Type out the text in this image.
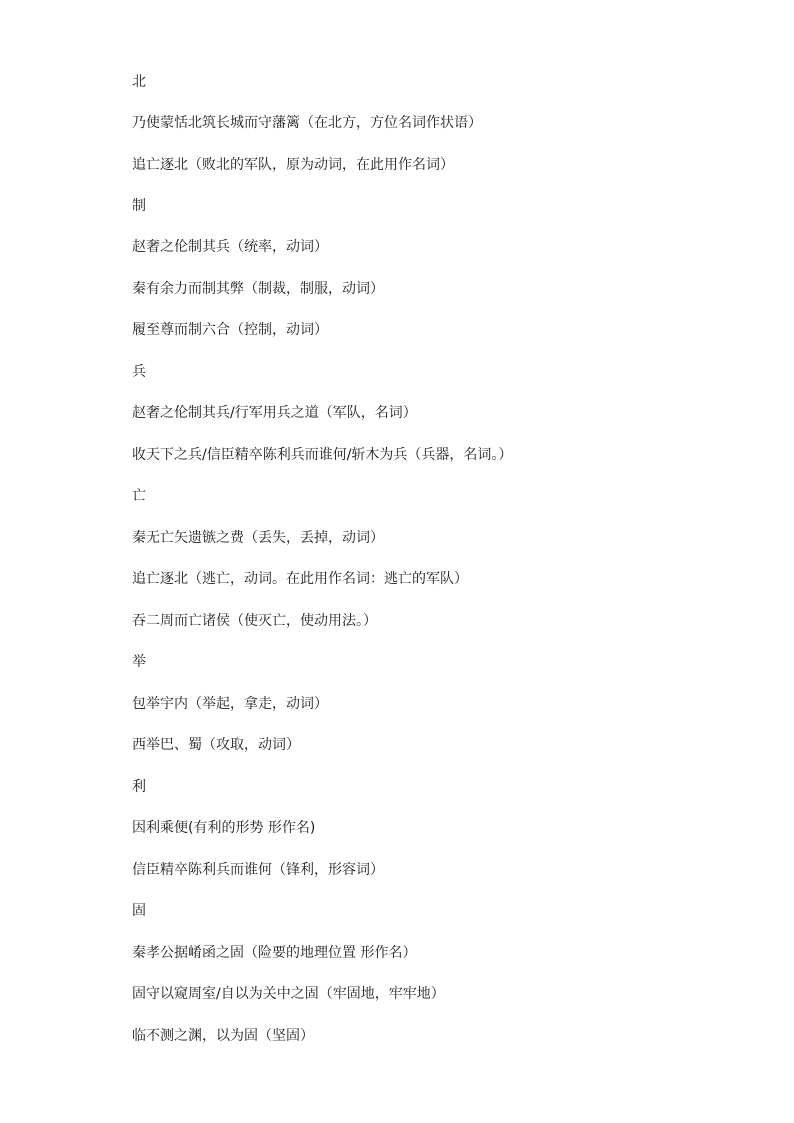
北
乃使蒙恬北筑长城而守藩篱（在北方，方位名词作状语）
追亡逐北（败北的军队，原为动词，在此用作名词）
制
赵奢之伦制其兵（统率，动词）
秦有余力而制其弊（制裁，制服，动词）
履至尊而制六合（控制，动词）
兵
赵奢之伦制其兵/行军用兵之道（军队，名词）
收天下之兵/信臣精卒陈利兵而谁何/斩木为兵（兵器，名词。）
亡
秦无亡矢遗镞之费（丢失，丢掉，动词）
追亡逐北（逃亡，动词。在此用作名词：逃亡的军队）
吞二周而亡诸侯（使灭亡，使动用法。）
举
包举宇内（举起，拿走，动词）
西举巴、蜀（攻取，动词）
利
因利乘便(有利的形势 形作名)
信臣精卒陈利兵而谁何（锋利，形容词）
固
秦孝公据崤函之固（险要的地理位置 形作名）
固守以窥周室/自以为关中之固（牢固地，牢牢地）
临不测之渊，以为固（坚固）
